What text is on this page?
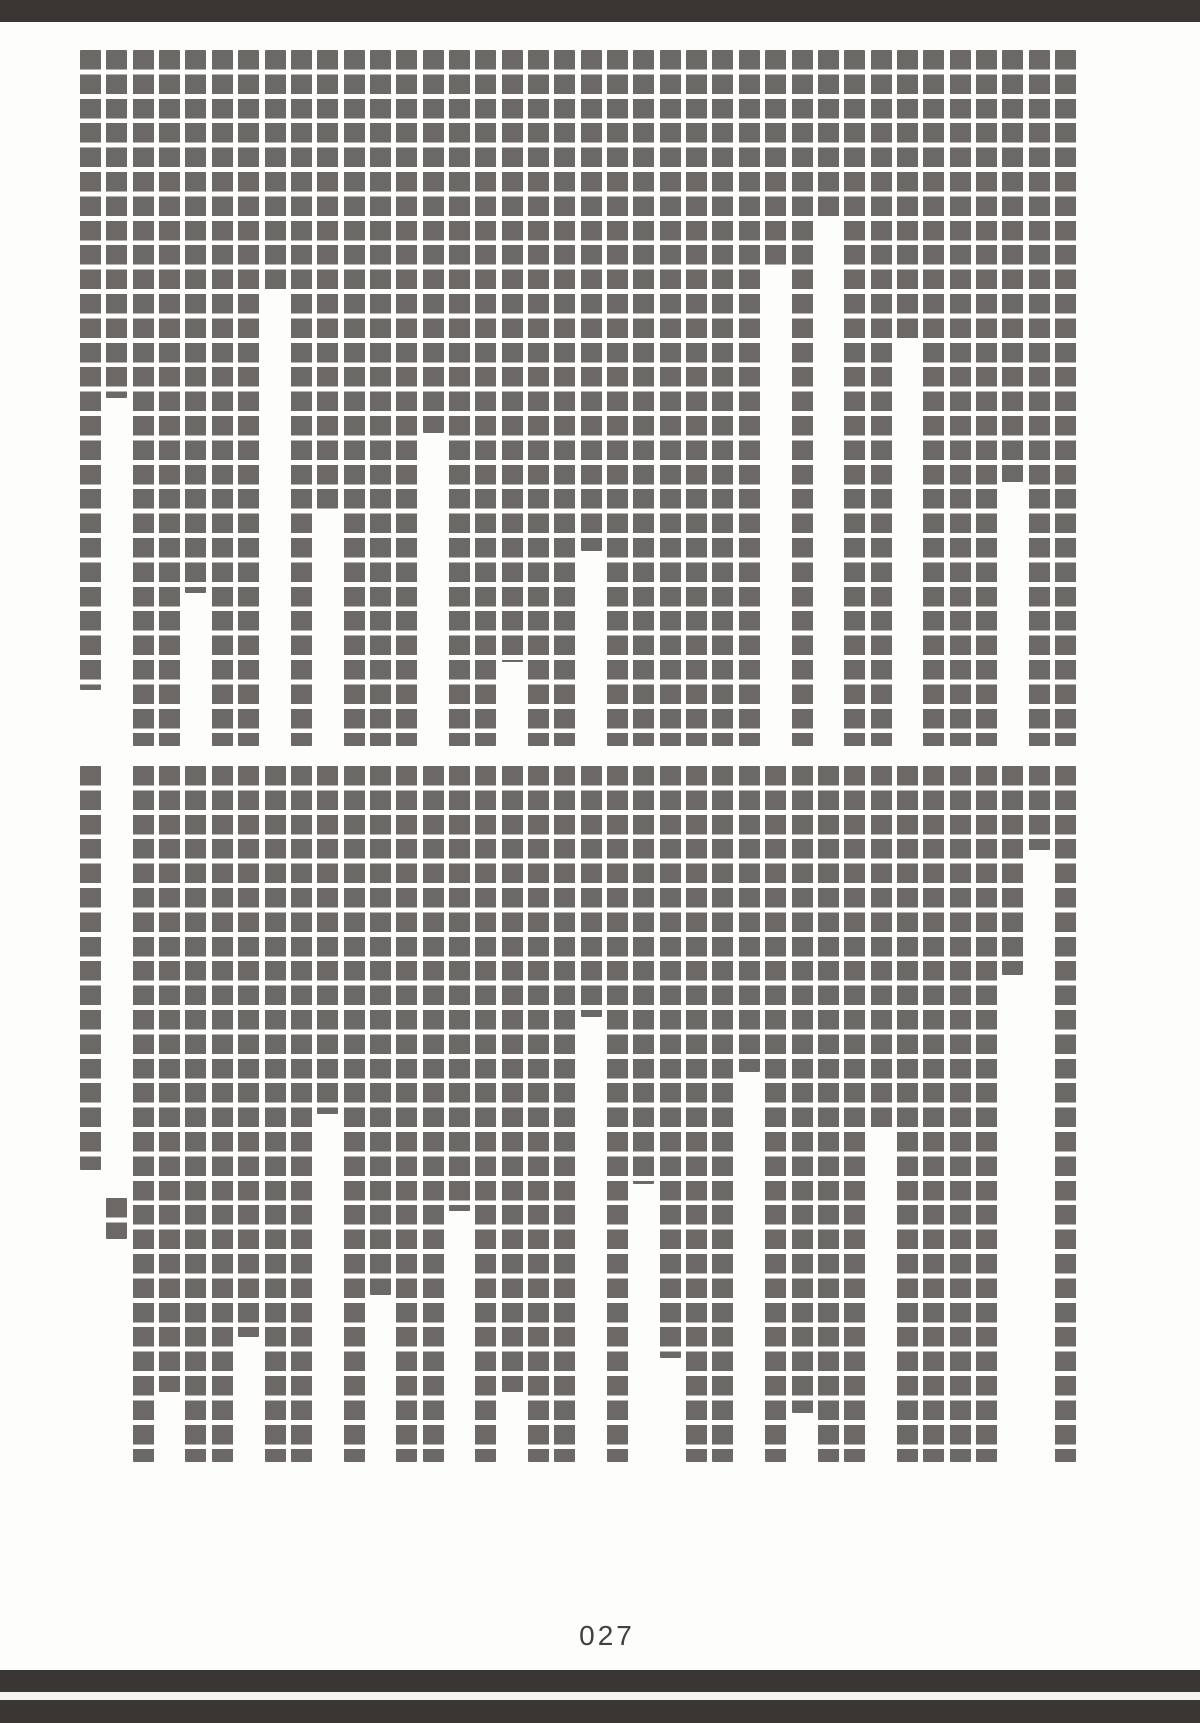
027
